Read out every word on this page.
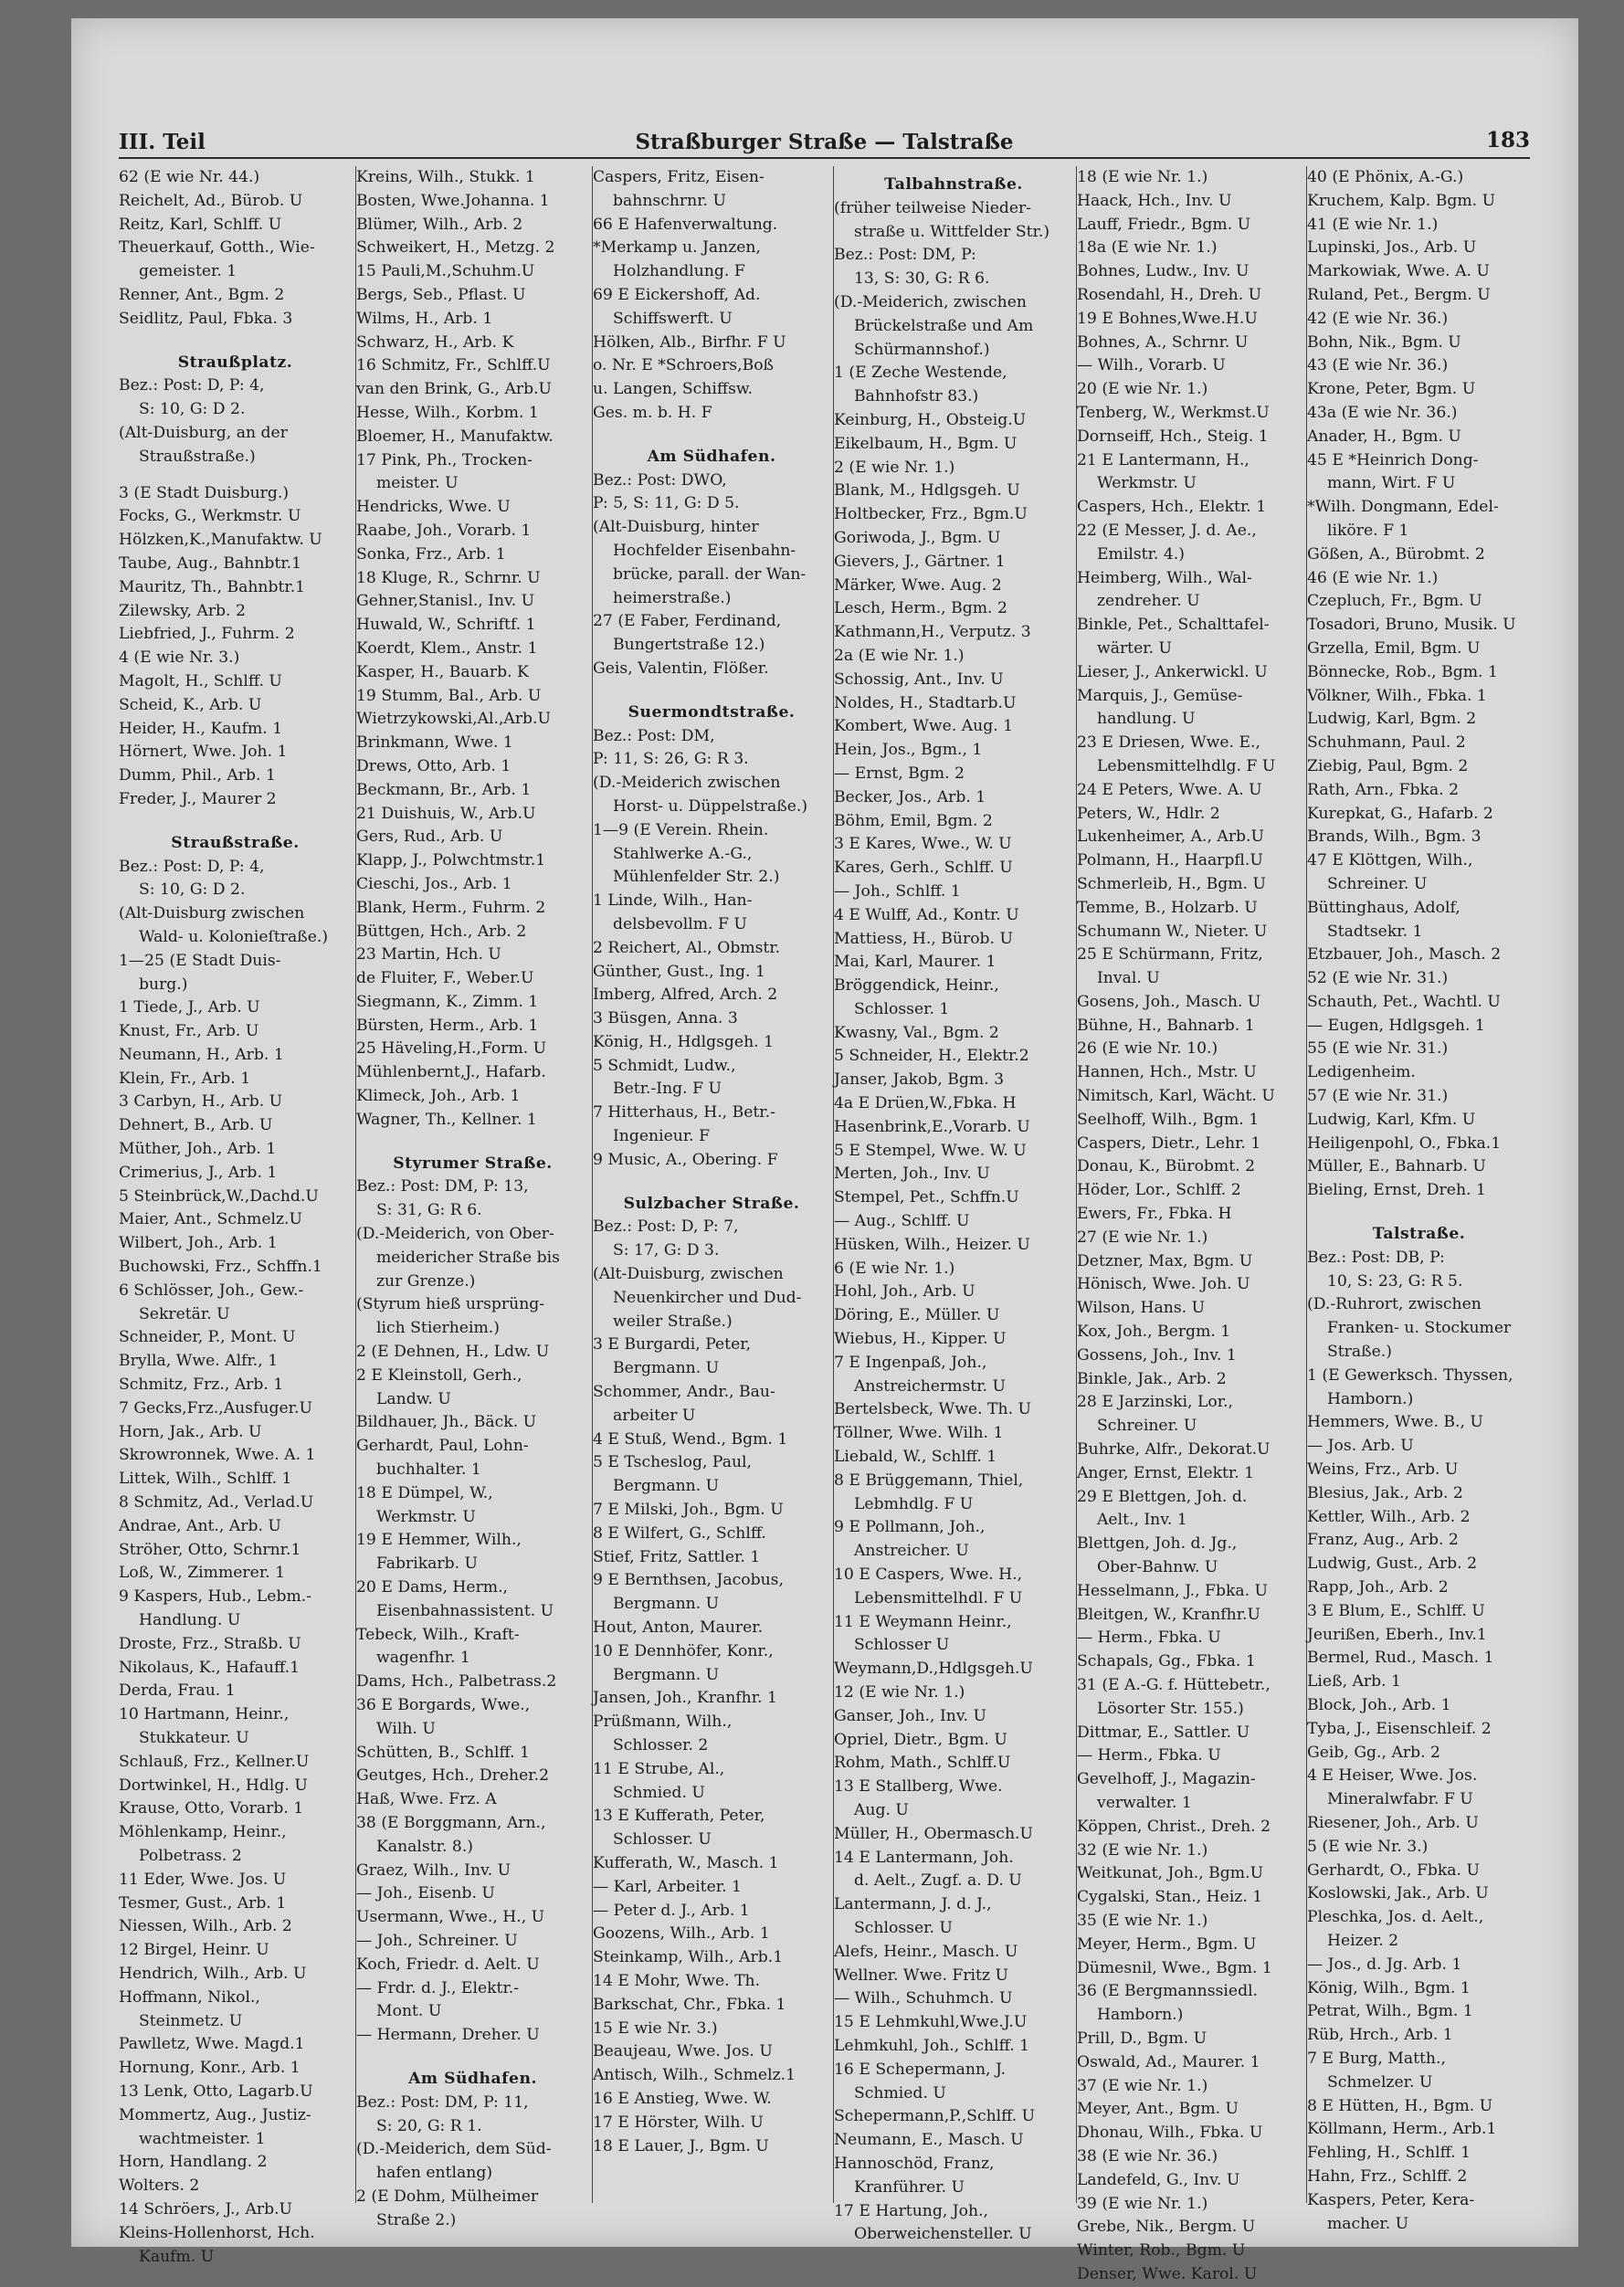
III. Teil	Straßburger Straße — Talstraße	183
62 (E wie Nr. 44.)
Reichelt, Ad., Bürob. U
Reitz, Karl, Schlff. U
Theuerkauf, Gotth., Wie-
gemeister. 1
Renner, Ant., Bgm. 2
Seidlitz, Paul, Fbka. 3
Straußplatz.
Bez.: Post: D, P: 4,
S: 10, G: D 2.
(Alt-Duisburg, an der
Straußstraße.)
3 (E Stadt Duisburg.)
Focks, G., Werkmstr. U
Hölzken,K.,Manufaktw. U
Taube, Aug., Bahnbtr.1
Mauritz, Th., Bahnbtr.1
Zilewsky, Arb. 2
Liebfried, J., Fuhrm. 2
4 (E wie Nr. 3.)
Magolt, H., Schlff. U
Scheid, K., Arb. U
Heider, H., Kaufm. 1
Hörnert, Wwe. Joh. 1
Dumm, Phil., Arb. 1
Freder, J., Maurer 2
Straußstraße.
Bez.: Post: D, P: 4,
S: 10, G: D 2.
(Alt-Duisburg zwischen
Wald- u. Kolonieſtraße.)
1—25 (E Stadt Duis-
burg.)
1 Tiede, J., Arb. U
Knust, Fr., Arb. U
Neumann, H., Arb. 1
Klein, Fr., Arb. 1
3 Carbyn, H., Arb. U
Dehnert, B., Arb. U
Müther, Joh., Arb. 1
Crimerius, J., Arb. 1
5 Steinbrück,W.,Dachd.U
Maier, Ant., Schmelz.U
Wilbert, Joh., Arb. 1
Buchowski, Frz., Schffn.1
6 Schlösser, Joh., Gew.-
Sekretär. U
Schneider, P., Mont. U
Brylla, Wwe. Alfr., 1
Schmitz, Frz., Arb. 1
7 Gecks,Frz.,Ausfuger.U
Horn, Jak., Arb. U
Skrowronnek, Wwe. A. 1
Littek, Wilh., Schlff. 1
8 Schmitz, Ad., Verlad.U
Andrae, Ant., Arb. U
Ströher, Otto, Schrnr.1
Loß, W., Zimmerer. 1
9 Kaspers, Hub., Lebm.-
Handlung. U
Droste, Frz., Straßb. U
Nikolaus, K., Hafauff.1
Derda, Frau. 1
10 Hartmann, Heinr.,
Stukkateur. U
Schlauß, Frz., Kellner.U
Dortwinkel, H., Hdlg. U
Krause, Otto, Vorarb. 1
Möhlenkamp, Heinr.,
Polbetrass. 2
11 Eder, Wwe. Jos. U
Tesmer, Gust., Arb. 1
Niessen, Wilh., Arb. 2
12 Birgel, Heinr. U
Hendrich, Wilh., Arb. U
Hoffmann, Nikol.,
Steinmetz. U
Pawlletz, Wwe. Magd.1
Hornung, Konr., Arb. 1
13 Lenk, Otto, Lagarb.U
Mommertz, Aug., Justiz-
wachtmeister. 1
Horn, Handlang. 2
Wolters. 2
14 Schröers, J., Arb.U
Kleins-Hollenhorst, Hch.
Kaufm. U
Kreins, Wilh., Stukk. 1
Bosten, Wwe.Johanna. 1
Blümer, Wilh., Arb. 2
Schweikert, H., Metzg. 2
15 Pauli,M.,Schuhm.U
Bergs, Seb., Pflast. U
Wilms, H., Arb. 1
Schwarz, H., Arb. K
16 Schmitz, Fr., Schlff.U
van den Brink, G., Arb.U
Hesse, Wilh., Korbm. 1
Bloemer, H., Manufaktw.
17 Pink, Ph., Trocken-
meister. U
Hendricks, Wwe. U
Raabe, Joh., Vorarb. 1
Sonka, Frz., Arb. 1
18 Kluge, R., Schrnr. U
Gehner,Stanisl., Inv. U
Huwald, W., Schriftf. 1
Koerdt, Klem., Anstr. 1
Kasper, H., Bauarb. K
19 Stumm, Bal., Arb. U
Wietrzykowski,Al.,Arb.U
Brinkmann, Wwe. 1
Drews, Otto, Arb. 1
Beckmann, Br., Arb. 1
21 Duishuis, W., Arb.U
Gers, Rud., Arb. U
Klapp, J., Polwchtmstr.1
Cieschi, Jos., Arb. 1
Blank, Herm., Fuhrm. 2
Büttgen, Hch., Arb. 2
23 Martin, Hch. U
de Fluiter, F., Weber.U
Siegmann, K., Zimm. 1
Bürsten, Herm., Arb. 1
25 Häveling,H.,Form. U
Mühlenbernt,J., Hafarb.
Klimeck, Joh., Arb. 1
Wagner, Th., Kellner. 1
Styrumer Straße.
Bez.: Post: DM, P: 13,
S: 31, G: R 6.
(D.-Meiderich, von Ober-
meidericher Straße bis
zur Grenze.)
(Styrum hieß ursprüng-
lich Stierheim.)
2 (E Dehnen, H., Ldw. U
2 E Kleinstoll, Gerh.,
Landw. U
Bildhauer, Jh., Bäck. U
Gerhardt, Paul, Lohn-
buchhalter. 1
18 E Dümpel, W.,
Werkmstr. U
19 E Hemmer, Wilh.,
Fabrikarb. U
20 E Dams, Herm.,
Eisenbahnassistent. U
Tebeck, Wilh., Kraft-
wagenfhr. 1
Dams, Hch., Palbetrass.2
36 E Borgards, Wwe.,
Wilh. U
Schütten, B., Schlff. 1
Geutges, Hch., Dreher.2
Haß, Wwe. Frz. A
38 (E Borggmann, Arn.,
Kanalstr. 8.)
Graez, Wilh., Inv. U
— Joh., Eisenb. U
Usermann, Wwe., H., U
— Joh., Schreiner. U
Koch, Friedr. d. Aelt. U
— Frdr. d. J., Elektr.-
Mont. U
— Hermann, Dreher. U
Am Südhafen.
Bez.: Post: DM, P: 11,
S: 20, G: R 1.
(D.-Meiderich, dem Süd-
hafen entlang)
2 (E Dohm, Mülheimer
Straße 2.)
Caspers, Fritz, Eisen-
bahnschrnr. U
66 E Hafenverwaltung.
*Merkamp u. Janzen,
Holzhandlung. F
69 E Eickershoff, Ad.
Schiffswerft. U
Hölken, Alb., Birfhr. F U
o. Nr. E *Schroers,Boß
u. Langen, Schiffsw.
Ges. m. b. H. F
Am Südhafen.
Bez.: Post: DWO,
P: 5, S: 11, G: D 5.
(Alt-Duisburg, hinter
Hochfelder Eisenbahn-
brücke, parall. der Wan-
heimerstraße.)
27 (E Faber, Ferdinand,
Bungertstraße 12.)
Geis, Valentin, Flößer.
Suermondtstraße.
Bez.: Post: DM,
P: 11, S: 26, G: R 3.
(D.-Meiderich zwischen
Horst- u. Düppelstraße.)
1—9 (E Verein. Rhein.
Stahlwerke A.-G.,
Mühlenfelder Str. 2.)
1 Linde, Wilh., Han-
delsbevollm. F U
2 Reichert, Al., Obmstr.
Günther, Gust., Ing. 1
Imberg, Alfred, Arch. 2
3 Büsgen, Anna. 3
König, H., Hdlgsgeh. 1
5 Schmidt, Ludw.,
Betr.-Ing. F U
7 Hitterhaus, H., Betr.-
Ingenieur. F
9 Music, A., Obering. F
Sulzbacher Straße.
Bez.: Post: D, P: 7,
S: 17, G: D 3.
(Alt-Duisburg, zwischen
Neuenkircher und Dud-
weiler Straße.)
3 E Burgardi, Peter,
Bergmann. U
Schommer, Andr., Bau-
arbeiter U
4 E Stuß, Wend., Bgm. 1
5 E Tscheslog, Paul,
Bergmann. U
7 E Milski, Joh., Bgm. U
8 E Wilfert, G., Schlff.
Stief, Fritz, Sattler. 1
9 E Bernthsen, Jacobus,
Bergmann. U
Hout, Anton, Maurer.
10 E Dennhöfer, Konr.,
Bergmann. U
Jansen, Joh., Kranfhr. 1
Prüßmann, Wilh.,
Schlosser. 2
11 E Strube, Al.,
Schmied. U
13 E Kufferath, Peter,
Schlosser. U
Kufferath, W., Masch. 1
— Karl, Arbeiter. 1
— Peter d. J., Arb. 1
Goozens, Wilh., Arb. 1
Steinkamp, Wilh., Arb.1
14 E Mohr, Wwe. Th.
Barkschat, Chr., Fbka. 1
15 E wie Nr. 3.)
Beaujeau, Wwe. Jos. U
Antisch, Wilh., Schmelz.1
16 E Anstieg, Wwe. W.
17 E Hörster, Wilh. U
18 E Lauer, J., Bgm. U
Talbahnstraße.
(früher teilweise Nieder-
straße u. Wittfelder Str.)
Bez.: Post: DM, P:
13, S: 30, G: R 6.
(D.-Meiderich, zwischen
Brückelstraße und Am
Schürmannshof.)
1 (E Zeche Westende,
Bahnhofstr 83.)
Keinburg, H., Obsteig.U
Eikelbaum, H., Bgm. U
2 (E wie Nr. 1.)
Blank, M., Hdlgsgeh. U
Holtbecker, Frz., Bgm.U
Goriwoda, J., Bgm. U
Gievers, J., Gärtner. 1
Märker, Wwe. Aug. 2
Lesch, Herm., Bgm. 2
Kathmann,H., Verputz. 3
2a (E wie Nr. 1.)
Schossig, Ant., Inv. U
Noldes, H., Stadtarb.U
Kombert, Wwe. Aug. 1
Hein, Jos., Bgm., 1
— Ernst, Bgm. 2
Becker, Jos., Arb. 1
Böhm, Emil, Bgm. 2
3 E Kares, Wwe., W. U
Kares, Gerh., Schlff. U
— Joh., Schlff. 1
4 E Wulff, Ad., Kontr. U
Mattiess, H., Bürob. U
Mai, Karl, Maurer. 1
Bröggendick, Heinr.,
Schlosser. 1
Kwasny, Val., Bgm. 2
5 Schneider, H., Elektr.2
Janser, Jakob, Bgm. 3
4a E Drüen,W.,Fbka. H
Hasenbrink,E.,Vorarb. U
5 E Stempel, Wwe. W. U
Merten, Joh., Inv. U
Stempel, Pet., Schffn.U
— Aug., Schlff. U
Hüsken, Wilh., Heizer. U
6 (E wie Nr. 1.)
Hohl, Joh., Arb. U
Döring, E., Müller. U
Wiebus, H., Kipper. U
7 E Ingenpaß, Joh.,
Anstreichermstr. U
Bertelsbeck, Wwe. Th. U
Töllner, Wwe. Wilh. 1
Liebald, W., Schlff. 1
8 E Brüggemann, Thiel,
Lebmhdlg. F U
9 E Pollmann, Joh.,
Anstreicher. U
10 E Caspers, Wwe. H.,
Lebensmittelhdl. F U
11 E Weymann Heinr.,
Schlosser U
Weymann,D.,Hdlgsgeh.U
12 (E wie Nr. 1.)
Ganser, Joh., Inv. U
Opriel, Dietr., Bgm. U
Rohm, Math., Schlff.U
13 E Stallberg, Wwe.
Aug. U
Müller, H., Obermasch.U
14 E Lantermann, Joh.
d. Aelt., Zugf. a. D. U
Lantermann, J. d. J.,
Schlosser. U
Alefs, Heinr., Masch. U
Wellner. Wwe. Fritz U
— Wilh., Schuhmch. U
15 E Lehmkuhl,Wwe.J.U
Lehmkuhl, Joh., Schlff. 1
16 E Schepermann, J.
Schmied. U
Schepermann,P.,Schlff. U
Neumann, E., Masch. U
Hannoschöd, Franz,
Kranführer. U
17 E Hartung, Joh.,
Oberweichensteller. U
18 (E wie Nr. 1.)
Haack, Hch., Inv. U
Lauff, Friedr., Bgm. U
18a (E wie Nr. 1.)
Bohnes, Ludw., Inv. U
Rosendahl, H., Dreh. U
19 E Bohnes,Wwe.H.U
Bohnes, A., Schrnr. U
— Wilh., Vorarb. U
20 (E wie Nr. 1.)
Tenberg, W., Werkmst.U
Dornseiff, Hch., Steig. 1
21 E Lantermann, H.,
Werkmstr. U
Caspers, Hch., Elektr. 1
22 (E Messer, J. d. Ae.,
Emilstr. 4.)
Heimberg, Wilh., Wal-
zendreher. U
Binkle, Pet., Schalttafel-
wärter. U
Lieser, J., Ankerwickl. U
Marquis, J., Gemüse-
handlung. U
23 E Driesen, Wwe. E.,
Lebensmittelhdlg. F U
24 E Peters, Wwe. A. U
Peters, W., Hdlr. 2
Lukenheimer, A., Arb.U
Polmann, H., Haarpfl.U
Schmerleib, H., Bgm. U
Temme, B., Holzarb. U
Schumann W., Nieter. U
25 E Schürmann, Fritz,
Inval. U
Gosens, Joh., Masch. U
Bühne, H., Bahnarb. 1
26 (E wie Nr. 10.)
Hannen, Hch., Mstr. U
Nimitsch, Karl, Wächt. U
Seelhoff, Wilh., Bgm. 1
Caspers, Dietr., Lehr. 1
Donau, K., Bürobmt. 2
Höder, Lor., Schlff. 2
Ewers, Fr., Fbka. H
27 (E wie Nr. 1.)
Detzner, Max, Bgm. U
Hönisch, Wwe. Joh. U
Wilson, Hans. U
Kox, Joh., Bergm. 1
Gossens, Joh., Inv. 1
Binkle, Jak., Arb. 2
28 E Jarzinski, Lor.,
Schreiner. U
Buhrke, Alfr., Dekorat.U
Anger, Ernst, Elektr. 1
29 E Blettgen, Joh. d.
Aelt., Inv. 1
Blettgen, Joh. d. Jg.,
Ober-Bahnw. U
Hesselmann, J., Fbka. U
Bleitgen, W., Kranfhr.U
— Herm., Fbka. U
Schapals, Gg., Fbka. 1
31 (E A.-G. f. Hüttebetr.,
Lösorter Str. 155.)
Dittmar, E., Sattler. U
— Herm., Fbka. U
Gevelhoff, J., Magazin-
verwalter. 1
Köppen, Christ., Dreh. 2
32 (E wie Nr. 1.)
Weitkunat, Joh., Bgm.U
Cygalski, Stan., Heiz. 1
35 (E wie Nr. 1.)
Meyer, Herm., Bgm. U
Dümesnil, Wwe., Bgm. 1
36 (E Bergmannssiedl.
Hamborn.)
Prill, D., Bgm. U
Oswald, Ad., Maurer. 1
37 (E wie Nr. 1.)
Meyer, Ant., Bgm. U
Dhonau, Wilh., Fbka. U
38 (E wie Nr. 36.)
Landefeld, G., Inv. U
39 (E wie Nr. 1.)
Grebe, Nik., Bergm. U
Winter, Rob., Bgm. U
Denser, Wwe. Karol. U
40 (E Phönix, A.-G.)
Kruchem, Kalp. Bgm. U
41 (E wie Nr. 1.)
Lupinski, Jos., Arb. U
Markowiak, Wwe. A. U
Ruland, Pet., Bergm. U
42 (E wie Nr. 36.)
Bohn, Nik., Bgm. U
43 (E wie Nr. 36.)
Krone, Peter, Bgm. U
43a (E wie Nr. 36.)
Anader, H., Bgm. U
45 E *Heinrich Dong-
mann, Wirt. F U
*Wilh. Dongmann, Edel-
liköre. F 1
Gößen, A., Bürobmt. 2
46 (E wie Nr. 1.)
Czepluch, Fr., Bgm. U
Tosadori, Bruno, Musik. U
Grzella, Emil, Bgm. U
Bönnecke, Rob., Bgm. 1
Völkner, Wilh., Fbka. 1
Ludwig, Karl, Bgm. 2
Schuhmann, Paul. 2
Ziebig, Paul, Bgm. 2
Rath, Arn., Fbka. 2
Kurepkat, G., Hafarb. 2
Brands, Wilh., Bgm. 3
47 E Klöttgen, Wilh.,
Schreiner. U
Büttinghaus, Adolf,
Stadtsekr. 1
Etzbauer, Joh., Masch. 2
52 (E wie Nr. 31.)
Schauth, Pet., Wachtl. U
— Eugen, Hdlgsgeh. 1
55 (E wie Nr. 31.)
Ledigenheim.
57 (E wie Nr. 31.)
Ludwig, Karl, Kfm. U
Heiligenpohl, O., Fbka.1
Müller, E., Bahnarb. U
Bieling, Ernst, Dreh. 1
Talstraße.
Bez.: Post: DB, P:
10, S: 23, G: R 5.
(D.-Ruhrort, zwischen
Franken- u. Stockumer
Straße.)
1 (E Gewerksch. Thyssen,
Hamborn.)
Hemmers, Wwe. B., U
— Jos. Arb. U
Weins, Frz., Arb. U
Blesius, Jak., Arb. 2
Kettler, Wilh., Arb. 2
Franz, Aug., Arb. 2
Ludwig, Gust., Arb. 2
Rapp, Joh., Arb. 2
3 E Blum, E., Schlff. U
Jeurißen, Eberh., Inv.1
Bermel, Rud., Masch. 1
Ließ, Arb. 1
Block, Joh., Arb. 1
Tyba, J., Eisenschleif. 2
Geib, Gg., Arb. 2
4 E Heiser, Wwe. Jos.
Mineralwfabr. F U
Riesener, Joh., Arb. U
5 (E wie Nr. 3.)
Gerhardt, O., Fbka. U
Koslowski, Jak., Arb. U
Pleschka, Jos. d. Aelt.,
Heizer. 2
— Jos., d. Jg. Arb. 1
König, Wilh., Bgm. 1
Petrat, Wilh., Bgm. 1
Rüb, Hrch., Arb. 1
7 E Burg, Matth.,
Schmelzer. U
8 E Hütten, H., Bgm. U
Köllmann, Herm., Arb.1
Fehling, H., Schlff. 1
Hahn, Frz., Schlff. 2
Kaspers, Peter, Kera-
macher. U
